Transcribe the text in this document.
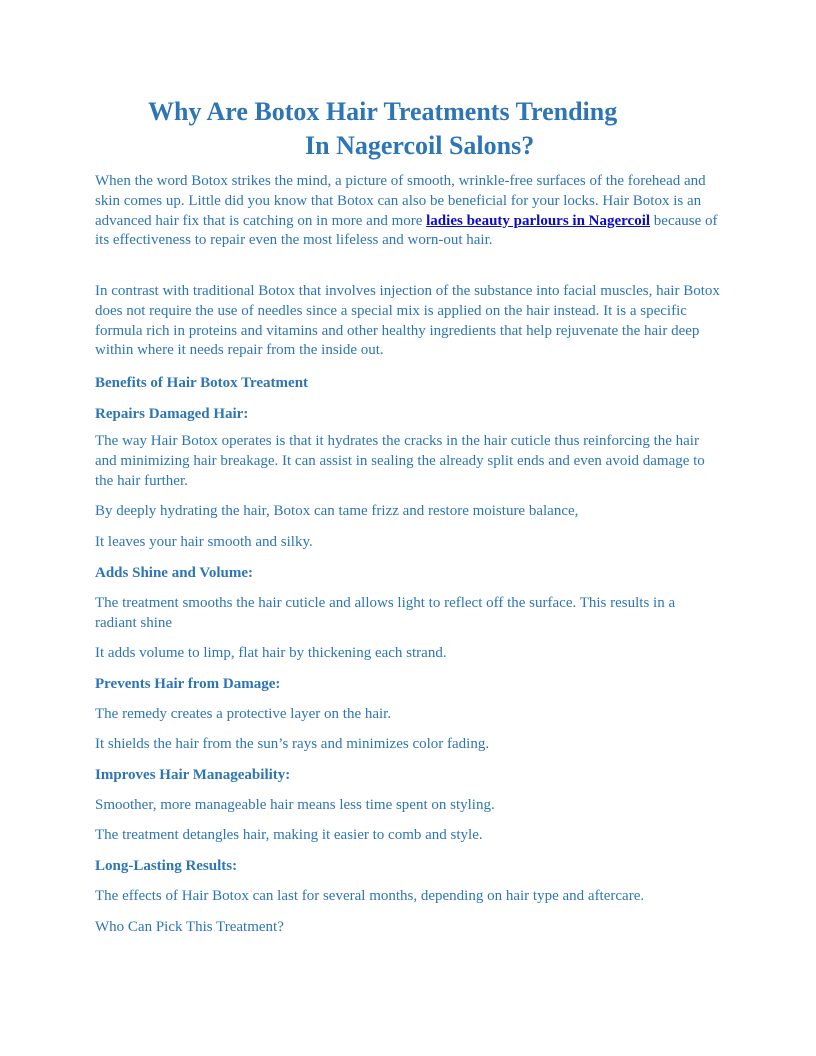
Why Are Botox Hair Treatments Trending
In Nagercoil Salons?

When the word Botox strikes the mind, a picture of smooth, wrinkle-free surfaces of the forehead and skin comes up. Little did you know that Botox can also be beneficial for your locks. Hair Botox is an advanced hair fix that is catching on in more and more ladies beauty parlours in Nagercoil because of its effectiveness to repair even the most lifeless and worn-out hair.

In contrast with traditional Botox that involves injection of the substance into facial muscles, hair Botox does not require the use of needles since a special mix is applied on the hair instead. It is a specific formula rich in proteins and vitamins and other healthy ingredients that help rejuvenate the hair deep within where it needs repair from the inside out.

Benefits of Hair Botox Treatment
Repairs Damaged Hair:

The way Hair Botox operates is that it hydrates the cracks in the hair cuticle thus reinforcing the hair and minimizing hair breakage. It can assist in sealing the already split ends and even avoid damage to the hair further.

By deeply hydrating the hair, Botox can tame frizz and restore moisture balance,

It leaves your hair smooth and silky.

Adds Shine and Volume:

The treatment smooths the hair cuticle and allows light to reflect off the surface. This results in a radiant shine

It adds volume to limp, flat hair by thickening each strand.

Prevents Hair from Damage:

The remedy creates a protective layer on the hair.

It shields the hair from the sun’s rays and minimizes color fading.

Improves Hair Manageability:

Smoother, more manageable hair means less time spent on styling.

The treatment detangles hair, making it easier to comb and style.

Long-Lasting Results:

The effects of Hair Botox can last for several months, depending on hair type and aftercare.

Who Can Pick This Treatment?
